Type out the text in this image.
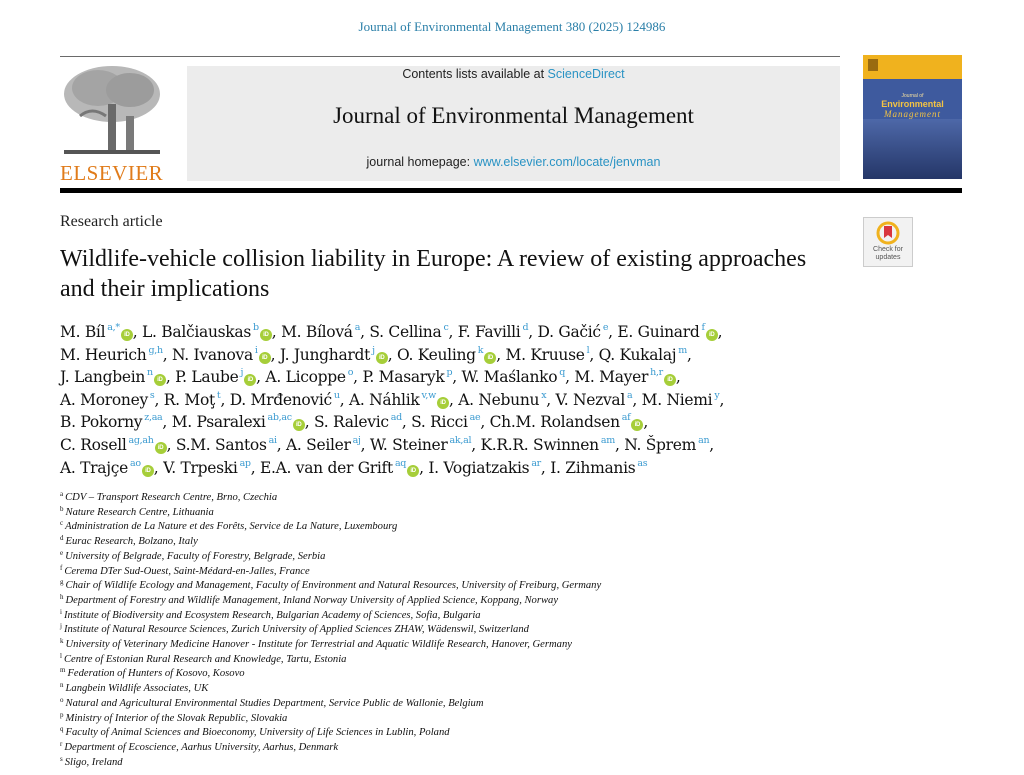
Journal of Environmental Management 380 (2025) 124986
ELSEVIER
Contents lists available at ScienceDirect
Journal of Environmental Management
journal homepage: www.elsevier.com/locate/jenvman
Journal of
Environmental
Management
Check for
updates
Research article
Wildlife-vehicle collision liability in Europe: A review of existing approaches and their implications
M. Bíl $^{a,*}$iD , L. Balčiauskas $^b$iD , M. Bílová $^a$, S. Cellina $^c$, F. Favilli $^d$, D. Gačić $^e$, E. Guinard $^f$iD ,
M. Heurich $^{g,h}$, N. Ivanova $^i$iD , J. Junghardt $^j$iD , O. Keuling $^k$iD , M. Kruuse $^l$, Q. Kukalaj $^m$,
J. Langbein $^n$iD , P. Laube $^j$iD , A. Licoppe $^o$, P. Masaryk $^p$, W. Maślanko $^q$, M. Mayer $^{h,r}$iD ,
A. Moroney $^s$, R. Moţ $^t$, D. Mrđenović $^u$, A. Náhlik $^{v,w}$iD , A. Nebunu $^x$, V. Nezval $^a$, M. Niemi $^y$,
B. Pokorny $^{z,aa}$, M. Psaralexi $^{ab,ac}$iD , S. Ralevic $^{ad}$, S. Ricci $^{ae}$, Ch.M. Rolandsen $^{af}$iD ,
C. Rosell $^{ag,ah}$iD , S.M. Santos $^{ai}$, A. Seiler $^{aj}$, W. Steiner $^{ak,al}$, K.R.R. Swinnen $^{am}$, N. Šprem $^{an}$,
A. Trajçe $^{ao}$iD , V. Trpeski $^{ap}$, E.A. van der Grift $^{aq}$iD , I. Vogiatzakis $^{ar}$, I. Zihmanis $^{as}$
$^a$ CDV – Transport Research Centre, Brno, Czechia
$^b$ Nature Research Centre, Lithuania
$^c$ Administration de La Nature et des Forêts, Service de La Nature, Luxembourg
$^d$ Eurac Research, Bolzano, Italy
$^e$ University of Belgrade, Faculty of Forestry, Belgrade, Serbia
$^f$ Cerema DTer Sud-Ouest, Saint-Médard-en-Jalles, France
$^g$ Chair of Wildlife Ecology and Management, Faculty of Environment and Natural Resources, University of Freiburg, Germany
$^h$ Department of Forestry and Wildlife Management, Inland Norway University of Applied Science, Koppang, Norway
$^i$ Institute of Biodiversity and Ecosystem Research, Bulgarian Academy of Sciences, Sofia, Bulgaria
$^j$ Institute of Natural Resource Sciences, Zurich University of Applied Sciences ZHAW, Wädenswil, Switzerland
$^k$ University of Veterinary Medicine Hanover - Institute for Terrestrial and Aquatic Wildlife Research, Hanover, Germany
$^l$ Centre of Estonian Rural Research and Knowledge, Tartu, Estonia
$^m$ Federation of Hunters of Kosovo, Kosovo
$^n$ Langbein Wildlife Associates, UK
$^o$ Natural and Agricultural Environmental Studies Department, Service Public de Wallonie, Belgium
$^p$ Ministry of Interior of the Slovak Republic, Slovakia
$^q$ Faculty of Animal Sciences and Bioeconomy, University of Life Sciences in Lublin, Poland
$^r$ Department of Ecoscience, Aarhus University, Aarhus, Denmark
$^s$ Sligo, Ireland
